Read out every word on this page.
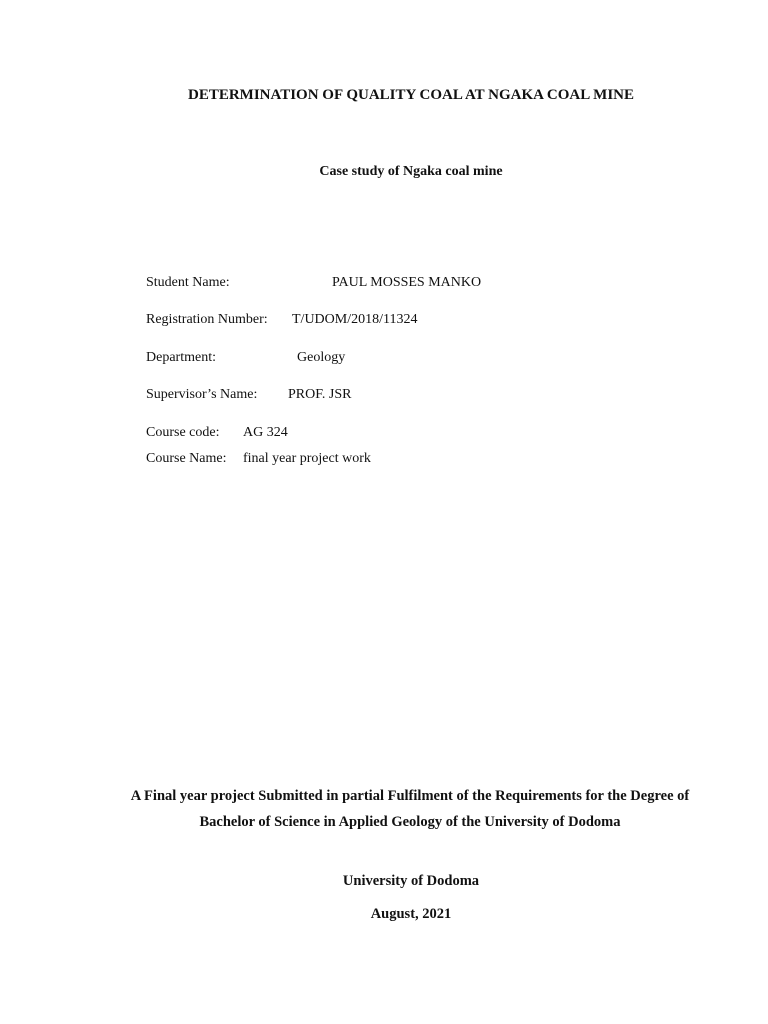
DETERMINATION OF QUALITY COAL AT NGAKA COAL MINE
Case study of Ngaka coal mine
Student Name:	PAUL MOSSES MANKO
Registration Number: T/UDOM/2018/11324
Department:	Geology
Supervisor’s Name: PROF. JSR
Course code: AG 324
Course Name: final year project work
A Final year project Submitted in partial Fulfilment of the Requirements for the Degree of Bachelor of Science in Applied Geology of the University of Dodoma
University of Dodoma
August, 2021
